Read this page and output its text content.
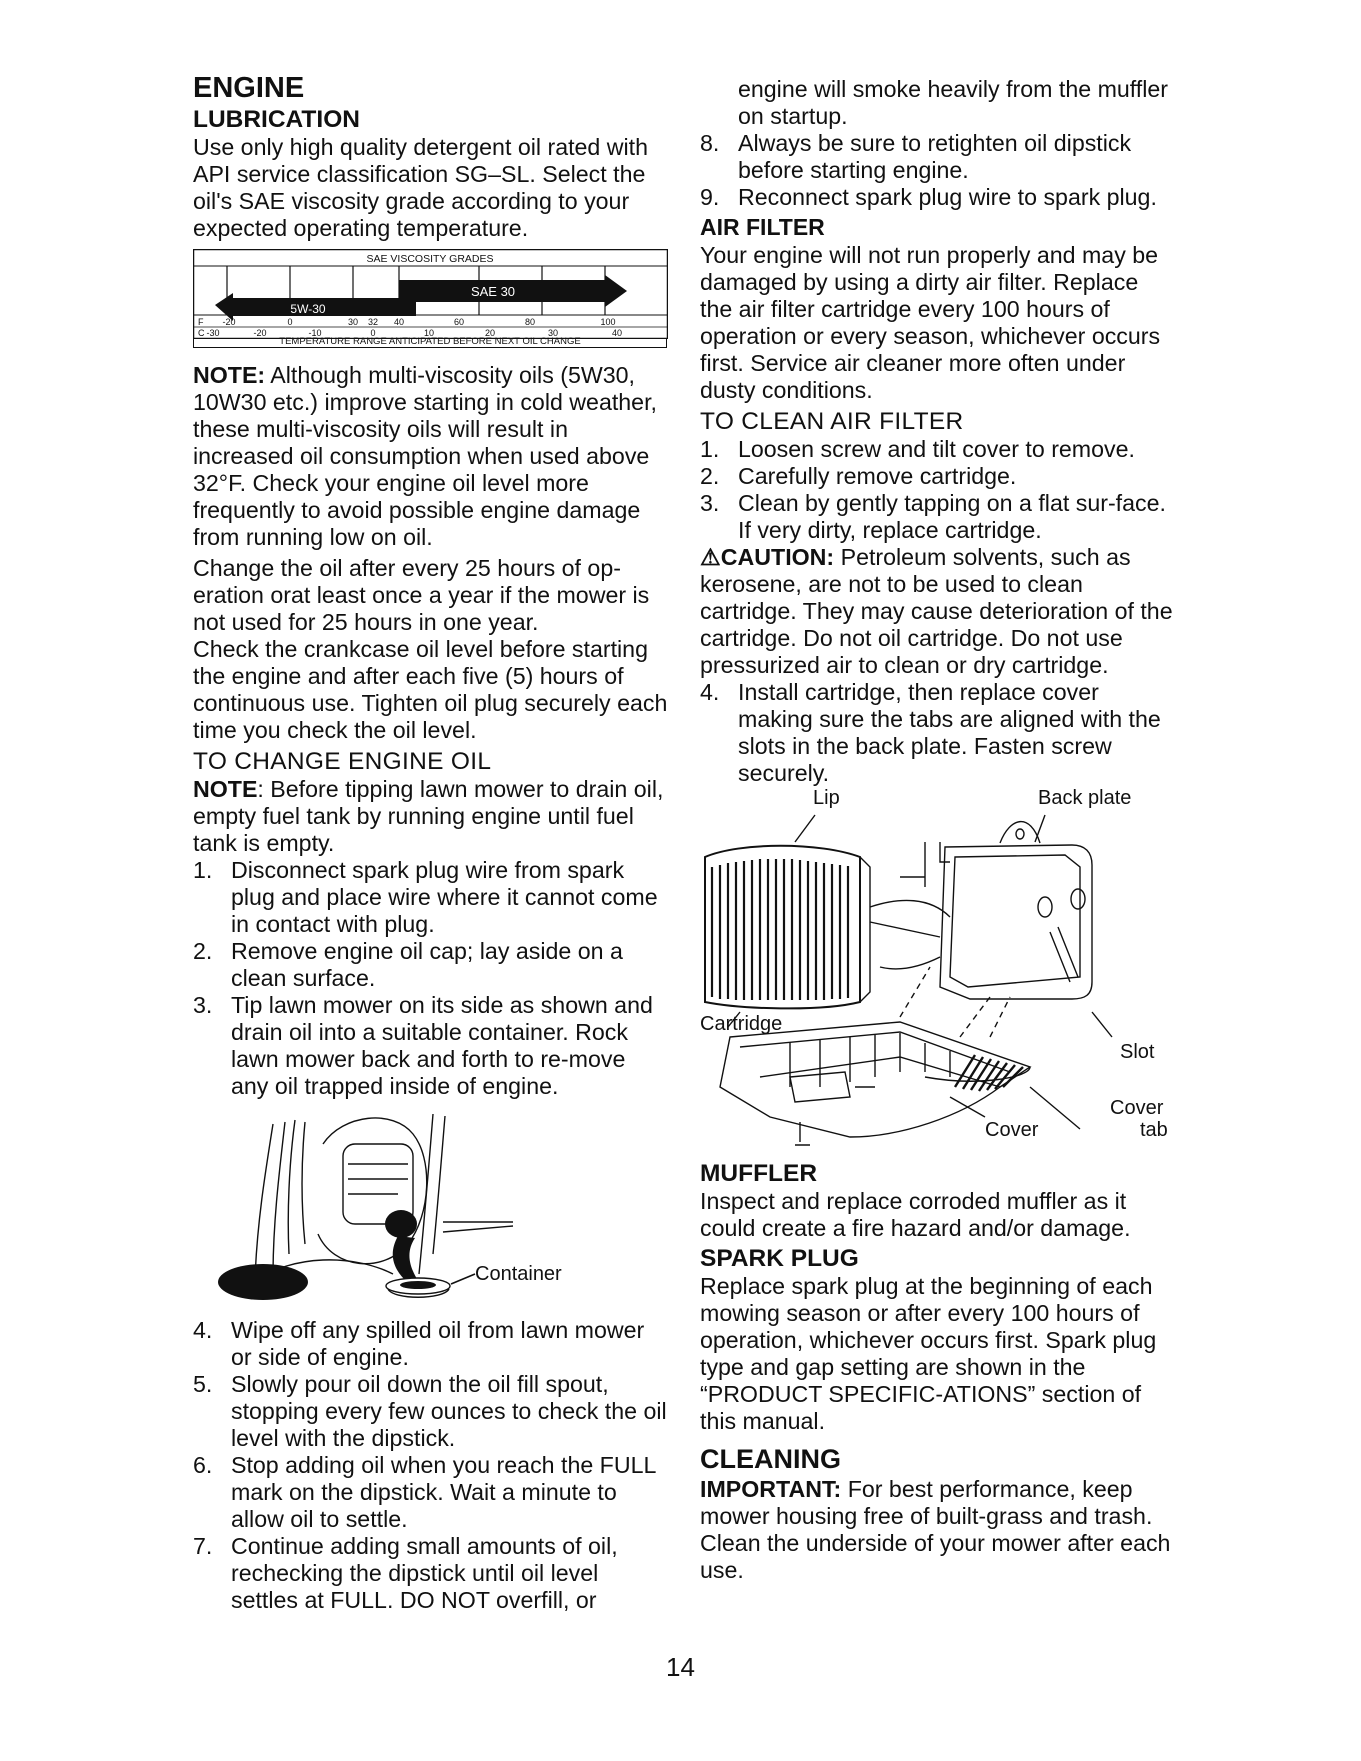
ENGINE
LUBRICATION

Use only high quality detergent oil rated with API service classification SG–SL. Select the oil's SAE viscosity grade according to your expected operating temperature.

SAE VISCOSITY GRADES
SAE 30
5W-30
F -20	0	30 32 40	60	80	100
C -30	-20	-10	0	10	20	30	40
TEMPERATURE RANGE ANTICIPATED BEFORE NEXT OIL CHANGE

NOTE: Although multi-viscosity oils (5W30, 10W30 etc.) improve starting in cold weather, these multi-viscosity oils will result in increased oil consumption when used above 32°F. Check your engine oil level more frequently to avoid possible engine damage from running low on oil.

Change the oil after every 25 hours of op-eration orat least once a year if the mower is not used for 25 hours in one year.

Check the crankcase oil level before starting the engine and after each five (5) hours of continuous use. Tighten oil plug securely each time you check the oil level.

TO CHANGE ENGINE OIL

NOTE: Before tipping lawn mower to drain oil, empty fuel tank by running engine until fuel tank is empty.

1. Disconnect spark plug wire from spark plug and place wire where it cannot come in contact with plug.
2. Remove engine oil cap; lay aside on a clean surface.
3. Tip lawn mower on its side as shown and drain oil into a suitable container. Rock lawn mower back and forth to re-move any oil trapped inside of engine.
Container
4. Wipe off any spilled oil from lawn mower or side of engine.
5. Slowly pour oil down the oil fill spout, stopping every few ounces to check the oil level with the dipstick.
6. Stop adding oil when you reach the FULL mark on the dipstick. Wait a minute to allow oil to settle.
7. Continue adding small amounts of oil, rechecking the dipstick until oil level settles at FULL. DO NOT overfill, or

engine will smoke heavily from the muffler on startup.

8. Always be sure to retighten oil dipstick before starting engine.
9. Reconnect spark plug wire to spark plug.
AIR FILTER

Your engine will not run properly and may be damaged by using a dirty air filter. Replace the air filter cartridge every 100 hours of operation or every season, whichever occurs first. Service air cleaner more often under dusty conditions.

TO CLEAN AIR FILTER
1. Loosen screw and tilt cover to remove.
2. Carefully remove cartridge.
3. Clean by gently tapping on a flat sur-face. If very dirty, replace cartridge.

⚠CAUTION: Petroleum solvents, such as kerosene, are not to be used to clean cartridge. They may cause deterioration of the cartridge. Do not oil cartridge. Do not use pressurized air to clean or dry cartridge.

4. Install cartridge, then replace cover making sure the tabs are aligned with the slots in the back plate. Fasten screw securely.
Lip	Back plate
Cartridge
Slot
Cover
Cover
tab
MUFFLER

Inspect and replace corroded muffler as it could create a fire hazard and/or damage.

SPARK PLUG

Replace spark plug at the beginning of each mowing season or after every 100 hours of operation, whichever occurs first. Spark plug type and gap setting are shown in the “PRODUCT SPECIFIC-ATIONS” section of this manual.

CLEANING

IMPORTANT: For best performance, keep mower housing free of built-grass and trash. Clean the underside of your mower after each use.

14
